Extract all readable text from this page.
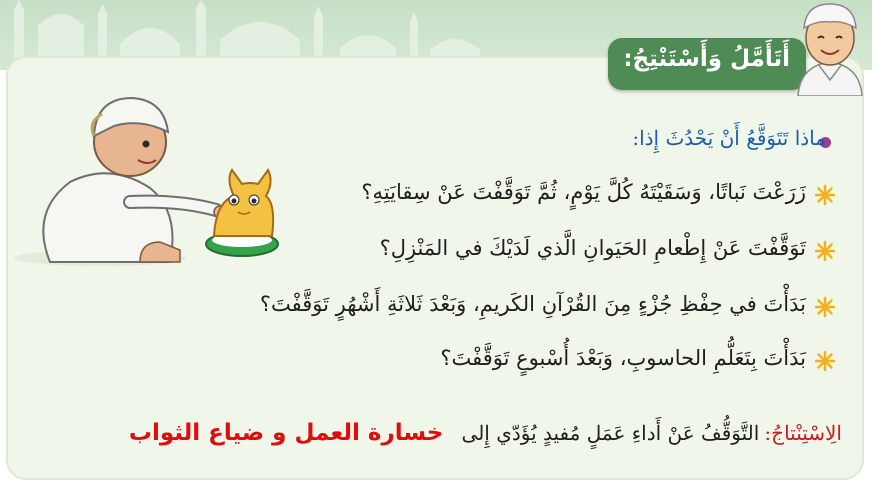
أَتَأَمَّلُ وَأَسْتَنْتِجُ:
ماذا تَتَوَقَّعُ أَنْ يَحْدُثَ إِذا:
زَرَعْتَ نَباتًا، وَسَقَيْتَهُ كُلَّ يَوْمٍ، ثُمَّ تَوَقَّفْتَ عَنْ سِقايَتِهِ؟
تَوَقَّفْتَ عَنْ إِطْعامِ الحَيَوانِ الَّذي لَدَيْكَ في المَنْزِلِ؟
بَدَأْتَ في حِفْظِ جُزْءٍ مِنَ القُرْآنِ الكَريمِ، وَبَعْدَ ثَلاثَةِ أَشْهُرٍ تَوَقَّفْتَ؟
بَدَأْتَ بِتَعَلُّمِ الحاسوبِ، وَبَعْدَ أُسْبوعٍ تَوَقَّفْتَ؟
الِاسْتِنْتاجُ: التَّوَقُّفُ عَنْ أَداءِ عَمَلٍ مُفيدٍ يُؤَدّي إِلى  خسارة العمل و ضياع الثواب
